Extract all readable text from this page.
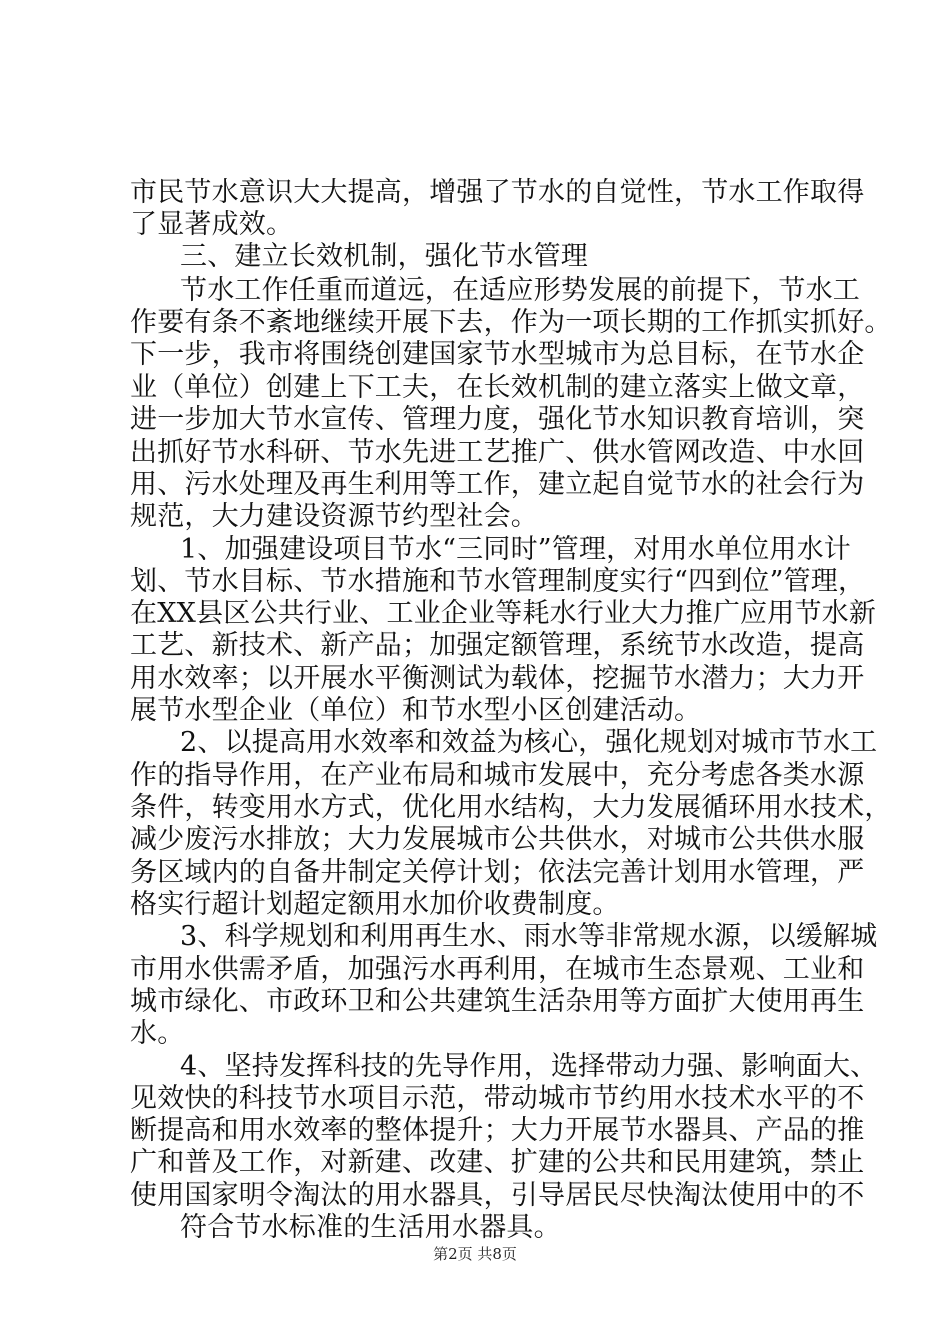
市民节水意识大大提高，增强了节水的自觉性，节水工作取得
了显著成效。
三、建立长效机制，强化节水管理
节水工作任重而道远，在适应形势发展的前提下，节水工
作要有条不紊地继续开展下去，作为一项长期的工作抓实抓好。
下一步，我市将围绕创建国家节水型城市为总目标，在节水企
业（单位）创建上下工夫，在长效机制的建立落实上做文章，
进一步加大节水宣传、管理力度，强化节水知识教育培训，突
出抓好节水科研、节水先进工艺推广、供水管网改造、中水回
用、污水处理及再生利用等工作，建立起自觉节水的社会行为
规范，大力建设资源节约型社会。
1、加强建设项目节水“三同时”管理，对用水单位用水计
划、节水目标、节水措施和节水管理制度实行“四到位”管理，
在XX县区公共行业、工业企业等耗水行业大力推广应用节水新
工艺、新技术、新产品；加强定额管理，系统节水改造，提高
用水效率；以开展水平衡测试为载体，挖掘节水潜力；大力开
展节水型企业（单位）和节水型小区创建活动。
2、以提高用水效率和效益为核心，强化规划对城市节水工
作的指导作用，在产业布局和城市发展中，充分考虑各类水源
条件，转变用水方式，优化用水结构，大力发展循环用水技术，
减少废污水排放；大力发展城市公共供水，对城市公共供水服
务区域内的自备井制定关停计划；依法完善计划用水管理，严
格实行超计划超定额用水加价收费制度。
3、科学规划和利用再生水、雨水等非常规水源，以缓解城
市用水供需矛盾，加强污水再利用，在城市生态景观、工业和
城市绿化、市政环卫和公共建筑生活杂用等方面扩大使用再生
水。
4、坚持发挥科技的先导作用，选择带动力强、影响面大、
见效快的科技节水项目示范，带动城市节约用水技术水平的不
断提高和用水效率的整体提升；大力开展节水器具、产品的推
广和普及工作，对新建、改建、扩建的公共和民用建筑，禁止
使用国家明令淘汰的用水器具，引导居民尽快淘汰使用中的不
符合节水标准的生活用水器具。
第2页 共8页
